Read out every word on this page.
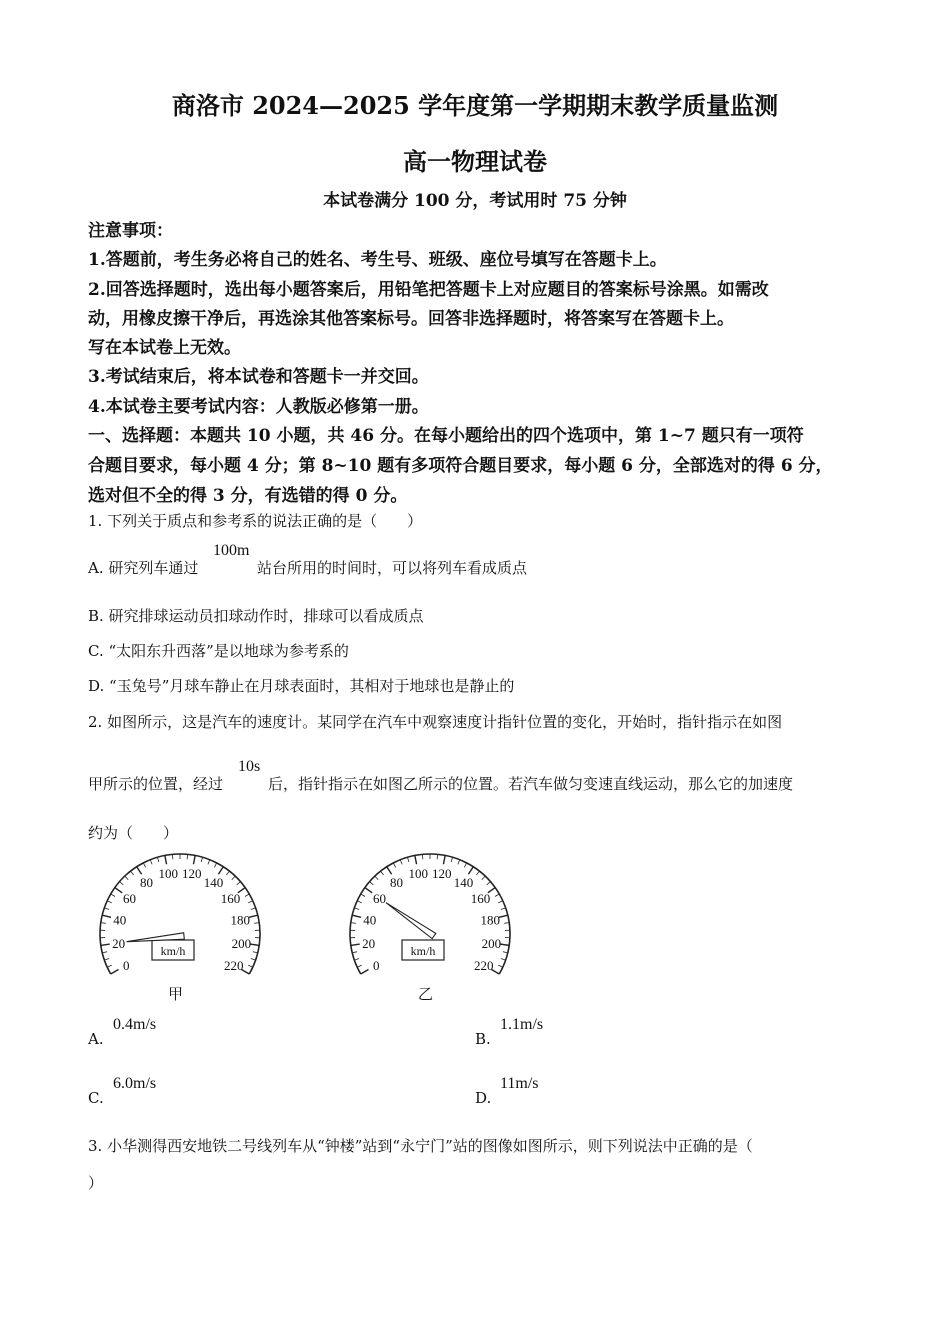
商洛市 2024—2025 学年度第一学期期末教学质量监测
高一物理试卷
本试卷满分 100 分，考试用时 75 分钟
注意事项：
1.答题前，考生务必将自己的姓名、考生号、班级、座位号填写在答题卡上。
2.回答选择题时，选出每小题答案后，用铅笔把答题卡上对应题目的答案标号涂黑。如需改
动，用橡皮擦干净后，再选涂其他答案标号。回答非选择题时，将答案写在答题卡上。
写在本试卷上无效。
3.考试结束后，将本试卷和答题卡一并交回。
4.本试卷主要考试内容：人教版必修第一册。
一、选择题：本题共 10 小题，共 46 分。在每小题给出的四个选项中，第 1~7 题只有一项符
合题目要求，每小题 4 分；第 8~10 题有多项符合题目要求，每小题 6 分，全部选对的得 6 分，
选对但不全的得 3 分，有选错的得 0 分。
1. 下列关于质点和参考系的说法正确的是（　　）
A. 研究列车通过
100m
站台所用的时间时，可以将列车看成质点
B. 研究排球运动员扣球动作时，排球可以看成质点
C. “太阳东升西落”是以地球为参考系的
D. “玉兔号”月球车静止在月球表面时，其相对于地球也是静止的
2. 如图所示，这是汽车的速度计。某同学在汽车中观察速度计指针位置的变化，开始时，指针指示在如图
甲所示的位置，经过
10s
后，指针指示在如图乙所示的位置。若汽车做匀变速直线运动，那么它的加速度
约为（　　）
0
20
40
60
80
100 120
140
160
180
200
220
km/h
0
20
40
60
80
100 120
140
160
180
200
220
km/h
甲	乙
A.
0.4m/s
B.
1.1m/s
C.
6.0m/s
D.
11m/s
3. 小华测得西安地铁二号线列车从“钟楼”站到“永宁门”站的图像如图所示，则下列说法中正确的是（
）
